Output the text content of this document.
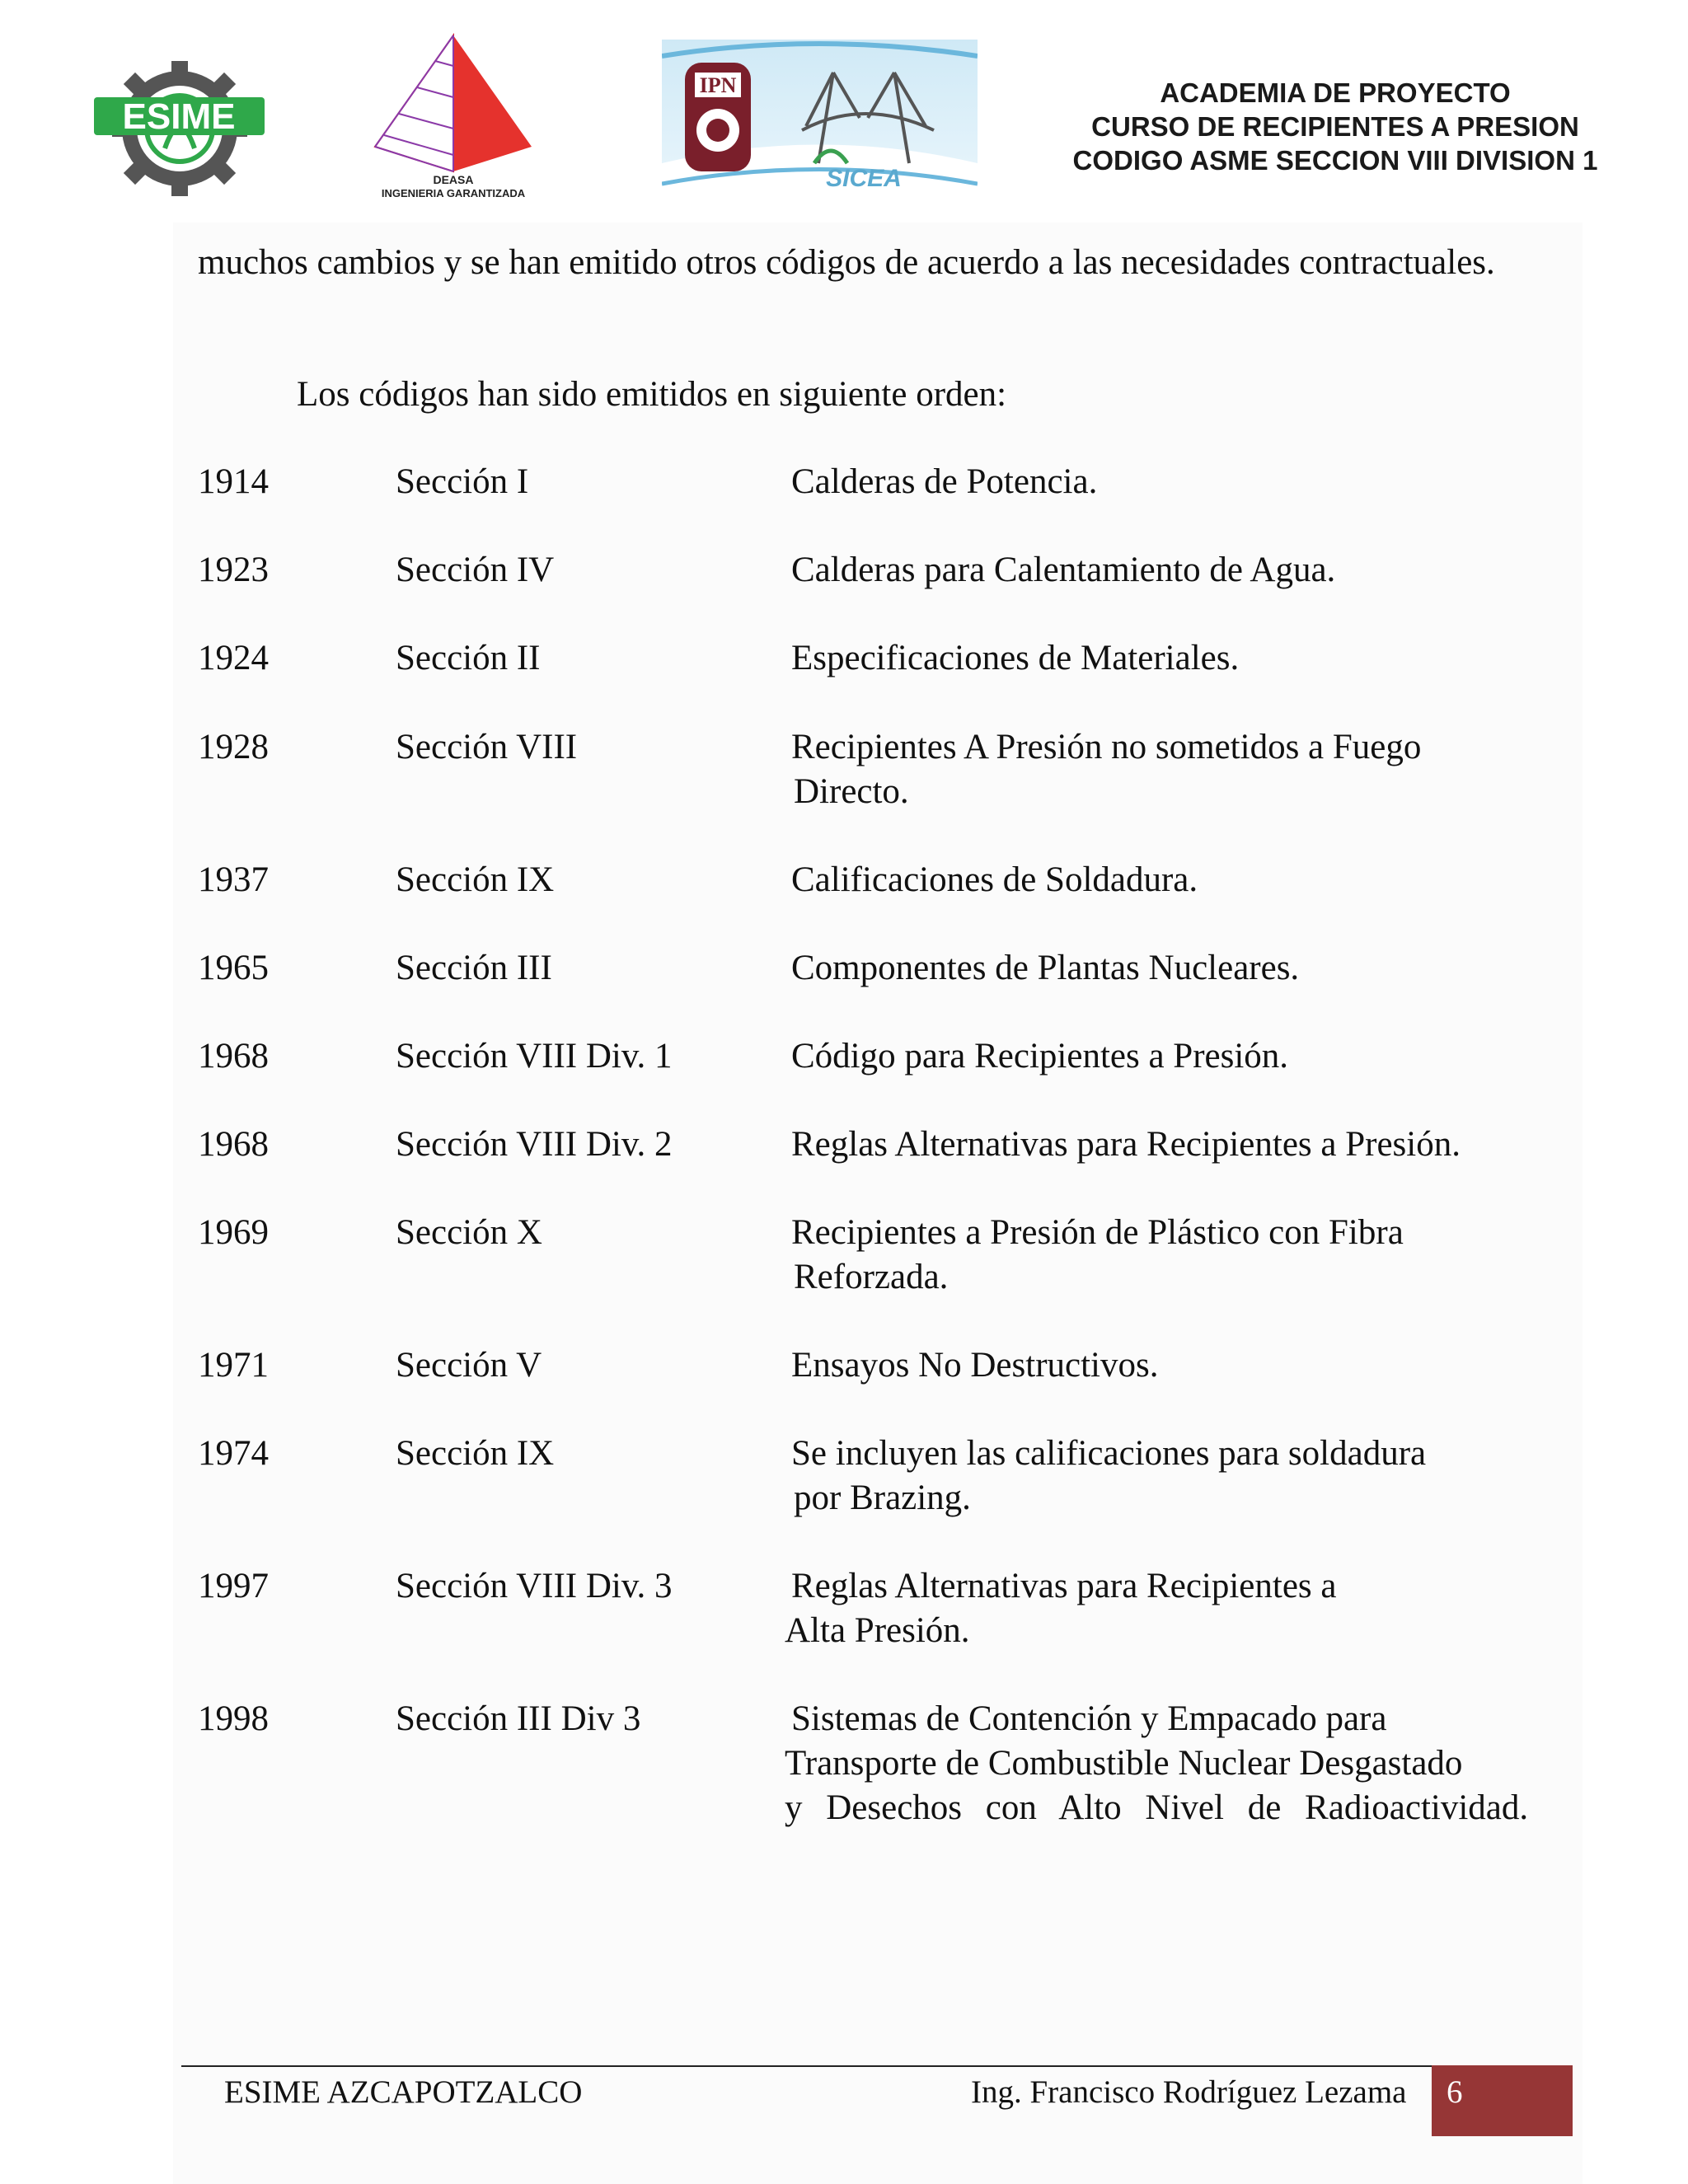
ESIME
DEASA
INGENIERIA GARANTIZADA
IPN
SICEA
ACADEMIA DE PROYECTO
CURSO DE RECIPIENTES A PRESION
CODIGO ASME SECCION VIII DIVISION 1
muchos cambios y se han emitido otros códigos de acuerdo a las necesidades contractuales.
Los códigos han sido emitidos en siguiente orden:
1914	Sección I	Calderas de Potencia.
1923	Sección IV	Calderas para Calentamiento de Agua.
1924	Sección II	Especificaciones de Materiales.
1928	Sección VIII	Recipientes A Presión no sometidos a Fuego
Directo.
1937	Sección IX	Calificaciones de Soldadura.
1965	Sección III	Componentes de Plantas Nucleares.
1968	Sección VIII Div. 1	Código para Recipientes a Presión.
1968	Sección VIII Div. 2	Reglas Alternativas para Recipientes a Presión.
1969	Sección X	Recipientes a Presión de Plástico con Fibra
Reforzada.
1971	Sección V	Ensayos No Destructivos.
1974	Sección IX	Se incluyen las calificaciones para soldadura
por Brazing.
1997	Sección VIII Div. 3	Reglas Alternativas para Recipientes a
Alta Presión.
1998	Sección III Div 3	Sistemas de Contención y Empacado para
Transporte de Combustible Nuclear Desgastado
y Desechos con Alto Nivel de Radioactividad.
ESIME AZCAPOTZALCO	Ing. Francisco Rodríguez Lezama 6
